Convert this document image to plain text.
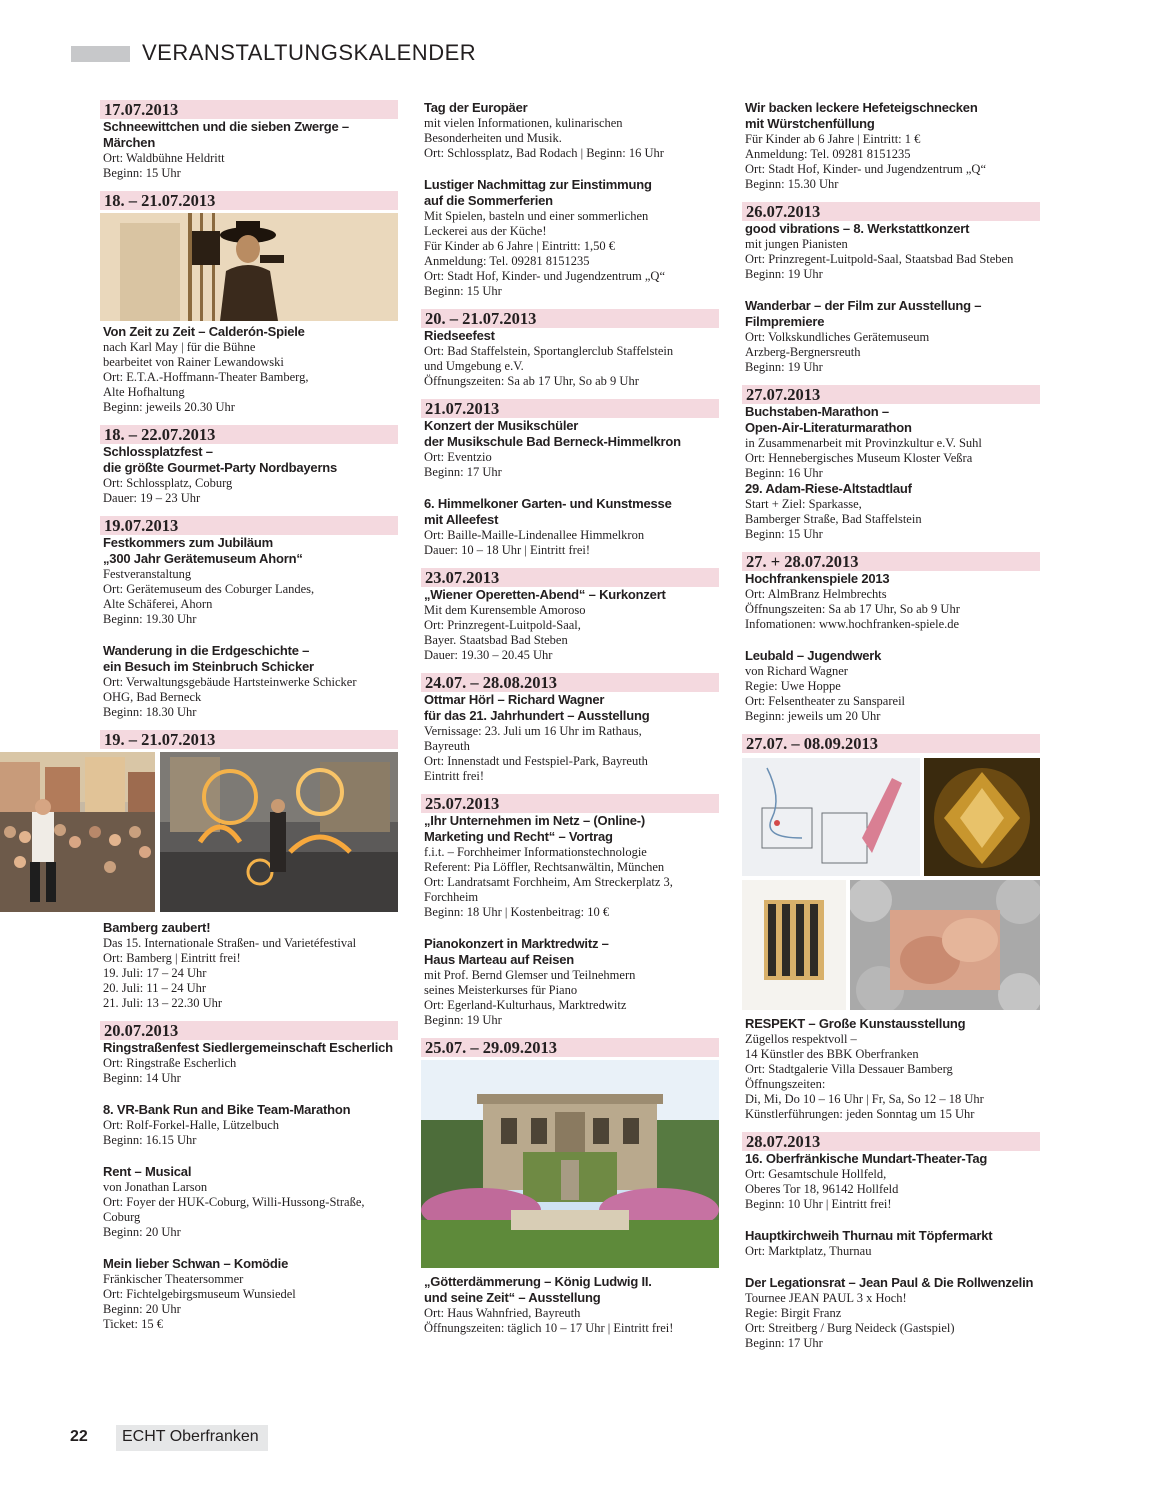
VERANSTALTUNGSKALENDER
17.07.2013
Schneewittchen und die sieben Zwerge –
Märchen
Ort: Waldbühne Heldritt
Beginn: 15 Uhr
18. – 21.07.2013
Von Zeit zu Zeit – Calderón-Spiele
nach Karl May | für die Bühne
bearbeitet von Rainer Lewandowski
Ort: E.T.A.-Hoffmann-Theater Bamberg,
Alte Hofhaltung
Beginn: jeweils 20.30 Uhr
18. – 22.07.2013
Schlossplatzfest –
die größte Gourmet-Party Nordbayerns
Ort: Schlossplatz, Coburg
Dauer: 19 – 23 Uhr
19.07.2013
Festkommers zum Jubiläum
„300 Jahr Gerätemuseum Ahorn“
Festveranstaltung
Ort: Gerätemuseum des Coburger Landes,
Alte Schäferei, Ahorn
Beginn: 19.30 Uhr
Wanderung in die Erdgeschichte –
ein Besuch im Steinbruch Schicker
Ort: Verwaltungsgebäude Hartsteinwerke Schicker
OHG, Bad Berneck
Beginn: 18.30 Uhr
19. – 21.07.2013
Bamberg zaubert!
Das 15. Internationale Straßen- und Varietéfestival
Ort: Bamberg | Eintritt frei!
19. Juli: 17 – 24 Uhr
20. Juli: 11 – 24 Uhr
21. Juli: 13 – 22.30 Uhr
20.07.2013
Ringstraßenfest Siedlergemeinschaft Escherlich
Ort: Ringstraße Escherlich
Beginn: 14 Uhr
8. VR-Bank Run and Bike Team-Marathon
Ort: Rolf-Forkel-Halle, Lützelbuch
Beginn: 16.15 Uhr
Rent – Musical
von Jonathan Larson
Ort: Foyer der HUK-Coburg, Willi-Hussong-Straße,
Coburg
Beginn: 20 Uhr
Mein lieber Schwan – Komödie
Fränkischer Theatersommer
Ort: Fichtelgebirgsmuseum Wunsiedel
Beginn: 20 Uhr
Ticket: 15 €
Tag der Europäer
mit vielen Informationen, kulinarischen
Besonderheiten und Musik.
Ort: Schlossplatz, Bad Rodach | Beginn: 16 Uhr
Lustiger Nachmittag zur Einstimmung
auf die Sommerferien
Mit Spielen, basteln und einer sommerlichen
Leckerei aus der Küche!
Für Kinder ab 6 Jahre | Eintritt: 1,50 €
Anmeldung: Tel. 09281 8151235
Ort: Stadt Hof, Kinder- und Jugendzentrum „Q“
Beginn: 15 Uhr
20. – 21.07.2013
Riedseefest
Ort: Bad Staffelstein, Sportanglerclub Staffelstein
und Umgebung e.V.
Öffnungszeiten: Sa ab 17 Uhr, So ab 9 Uhr
21.07.2013
Konzert der Musikschüler
der Musikschule Bad Berneck-Himmelkron
Ort: Eventzio
Beginn: 17 Uhr
6. Himmelkoner Garten- und Kunstmesse
mit Alleefest
Ort: Baille-Maille-Lindenallee Himmelkron
Dauer: 10 – 18 Uhr | Eintritt frei!
23.07.2013
„Wiener Operetten-Abend“ – Kurkonzert
Mit dem Kurensemble Amoroso
Ort: Prinzregent-Luitpold-Saal,
Bayer. Staatsbad Bad Steben
Dauer: 19.30 – 20.45 Uhr
24.07. – 28.08.2013
Ottmar Hörl – Richard Wagner
für das 21. Jahrhundert – Ausstellung
Vernissage: 23. Juli um 16 Uhr im Rathaus,
Bayreuth
Ort: Innenstadt und Festspiel-Park, Bayreuth
Eintritt frei!
25.07.2013
„Ihr Unternehmen im Netz – (Online-)
Marketing und Recht“ – Vortrag
f.i.t. – Forchheimer Informationstechnologie
Referent: Pia Löffler, Rechtsanwältin, München
Ort: Landratsamt Forchheim, Am Streckerplatz 3,
Forchheim
Beginn: 18 Uhr | Kostenbeitrag: 10 €
Pianokonzert in Marktredwitz –
Haus Marteau auf Reisen
mit Prof. Bernd Glemser und Teilnehmern
seines Meisterkurses für Piano
Ort: Egerland-Kulturhaus, Marktredwitz
Beginn: 19 Uhr
25.07. – 29.09.2013
„Götterdämmerung – König Ludwig II.
und seine Zeit“ – Ausstellung
Ort: Haus Wahnfried, Bayreuth
Öffnungszeiten: täglich 10 – 17 Uhr | Eintritt frei!
Wir backen leckere Hefeteigschnecken
mit Würstchenfüllung
Für Kinder ab 6 Jahre | Eintritt: 1 €
Anmeldung: Tel. 09281 8151235
Ort: Stadt Hof, Kinder- und Jugendzentrum „Q“
Beginn: 15.30 Uhr
26.07.2013
good vibrations – 8. Werkstattkonzert
mit jungen Pianisten
Ort: Prinzregent-Luitpold-Saal, Staatsbad Bad Steben
Beginn: 19 Uhr
Wanderbar – der Film zur Ausstellung –
Filmpremiere
Ort: Volkskundliches Gerätemuseum
Arzberg-Bergnersreuth
Beginn: 19 Uhr
27.07.2013
Buchstaben-Marathon –
Open-Air-Literaturmarathon
in Zusammenarbeit mit Provinzkultur e.V. Suhl
Ort: Hennebergisches Museum Kloster Veßra
Beginn: 16 Uhr
29. Adam-Riese-Altstadtlauf
Start + Ziel: Sparkasse,
Bamberger Straße, Bad Staffelstein
Beginn: 15 Uhr
27. + 28.07.2013
Hochfrankenspiele 2013
Ort: AlmBranz Helmbrechts
Öffnungszeiten: Sa ab 17 Uhr, So ab 9 Uhr
Infomationen: www.hochfranken-spiele.de
Leubald – Jugendwerk
von Richard Wagner
Regie: Uwe Hoppe
Ort: Felsentheater zu Sanspareil
Beginn: jeweils um 20 Uhr
27.07. – 08.09.2013
RESPEKT – Große Kunstausstellung
Zügellos respektvoll –
14 Künstler des BBK Oberfranken
Ort: Stadtgalerie Villa Dessauer Bamberg
Öffnungszeiten:
Di, Mi, Do 10 – 16 Uhr | Fr, Sa, So 12 – 18 Uhr
Künstlerführungen: jeden Sonntag um 15 Uhr
28.07.2013
16. Oberfränkische Mundart-Theater-Tag
Ort: Gesamtschule Hollfeld,
Oberes Tor 18, 96142 Hollfeld
Beginn: 10 Uhr | Eintritt frei!
Hauptkirchweih Thurnau mit Töpfermarkt
Ort: Marktplatz, Thurnau
Der Legationsrat – Jean Paul & Die Rollwenzelin
Tournee JEAN PAUL 3 x Hoch!
Regie: Birgit Franz
Ort: Streitberg / Burg Neideck (Gastspiel)
Beginn: 17 Uhr
22 ECHT Oberfranken
